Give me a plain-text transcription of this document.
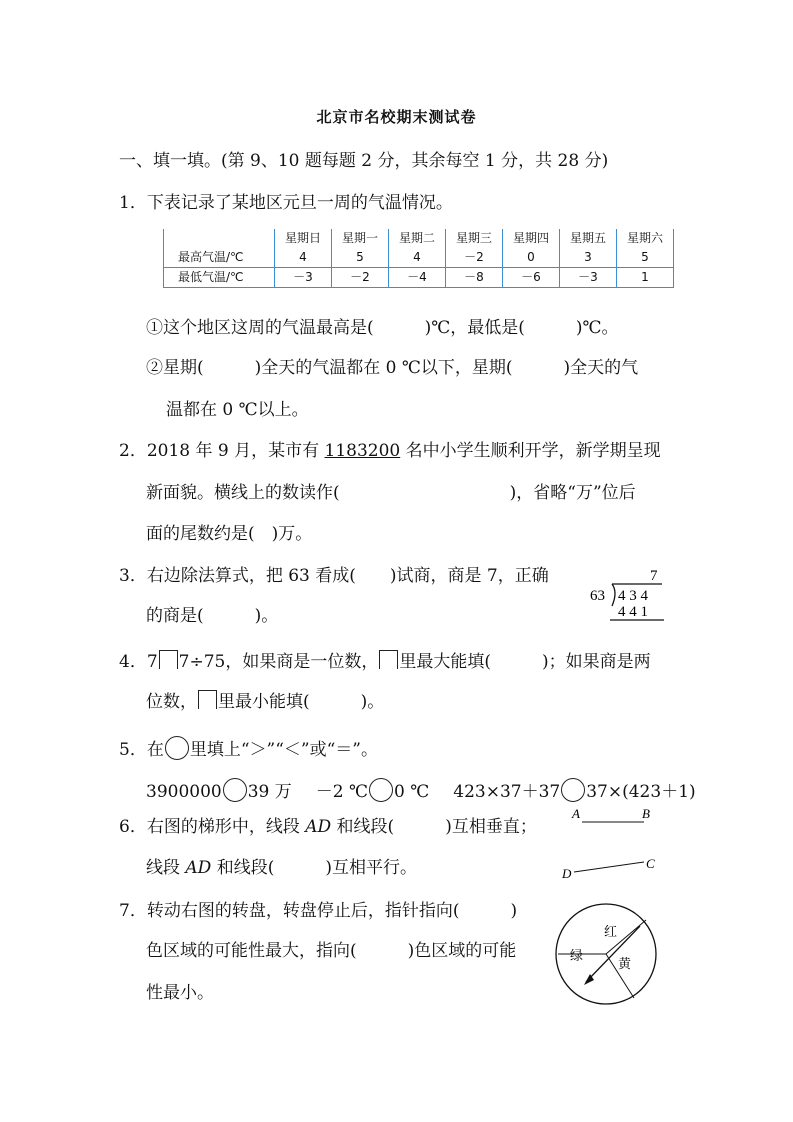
北京市名校期末测试卷
一、填一填。(第 9、10 题每题 2 分，其余每空 1 分，共 28 分)
1．下表记录了某地区元旦一周的气温情况。
	星期日	星期一	星期二	星期三	星期四	星期五	星期六
最高气温/℃	4	5	4	－2	0	3	5
最低气温/℃	－3	－2	－4	－8	－6	－3	1
①这个地区这周的气温最高是(　　　)℃，最低是(　　　)℃。
②星期(　　　)全天的气温都在 0 ℃以下，星期(　　　)全天的气
温都在 0 ℃以上。
2．2018 年 9 月，某市有 1183200 名中小学生顺利开学，新学期呈现
新面貌。横线上的数读作(　　　　　　　　　　)，省略“万”位后
面的尾数约是(　)万。
3．右边除法算式，把 63 看成(　　)试商，商是 7，正确
的商是(　　　)。
7
63 4 3 4
4 4 1
4．7 7÷75，如果商是一位数， 里最大能填(　　　)；如果商是两
位数， 里最小能填(　　　)。
5．在 里填上“＞”“＜”或“＝”。
3900000 39 万 －2 ℃ 0 ℃ 423×37＋37 37×(423＋1)
6．右图的梯形中，线段 AD 和线段(　　　)互相垂直；
线段 AD 和线段(　　　)互相平行。
A	B
D
C
7．转动右图的转盘，转盘停止后，指针指向(　　　)
色区域的可能性最大，指向(　　　)色区域的可能
性最小。
红
黄
绿
